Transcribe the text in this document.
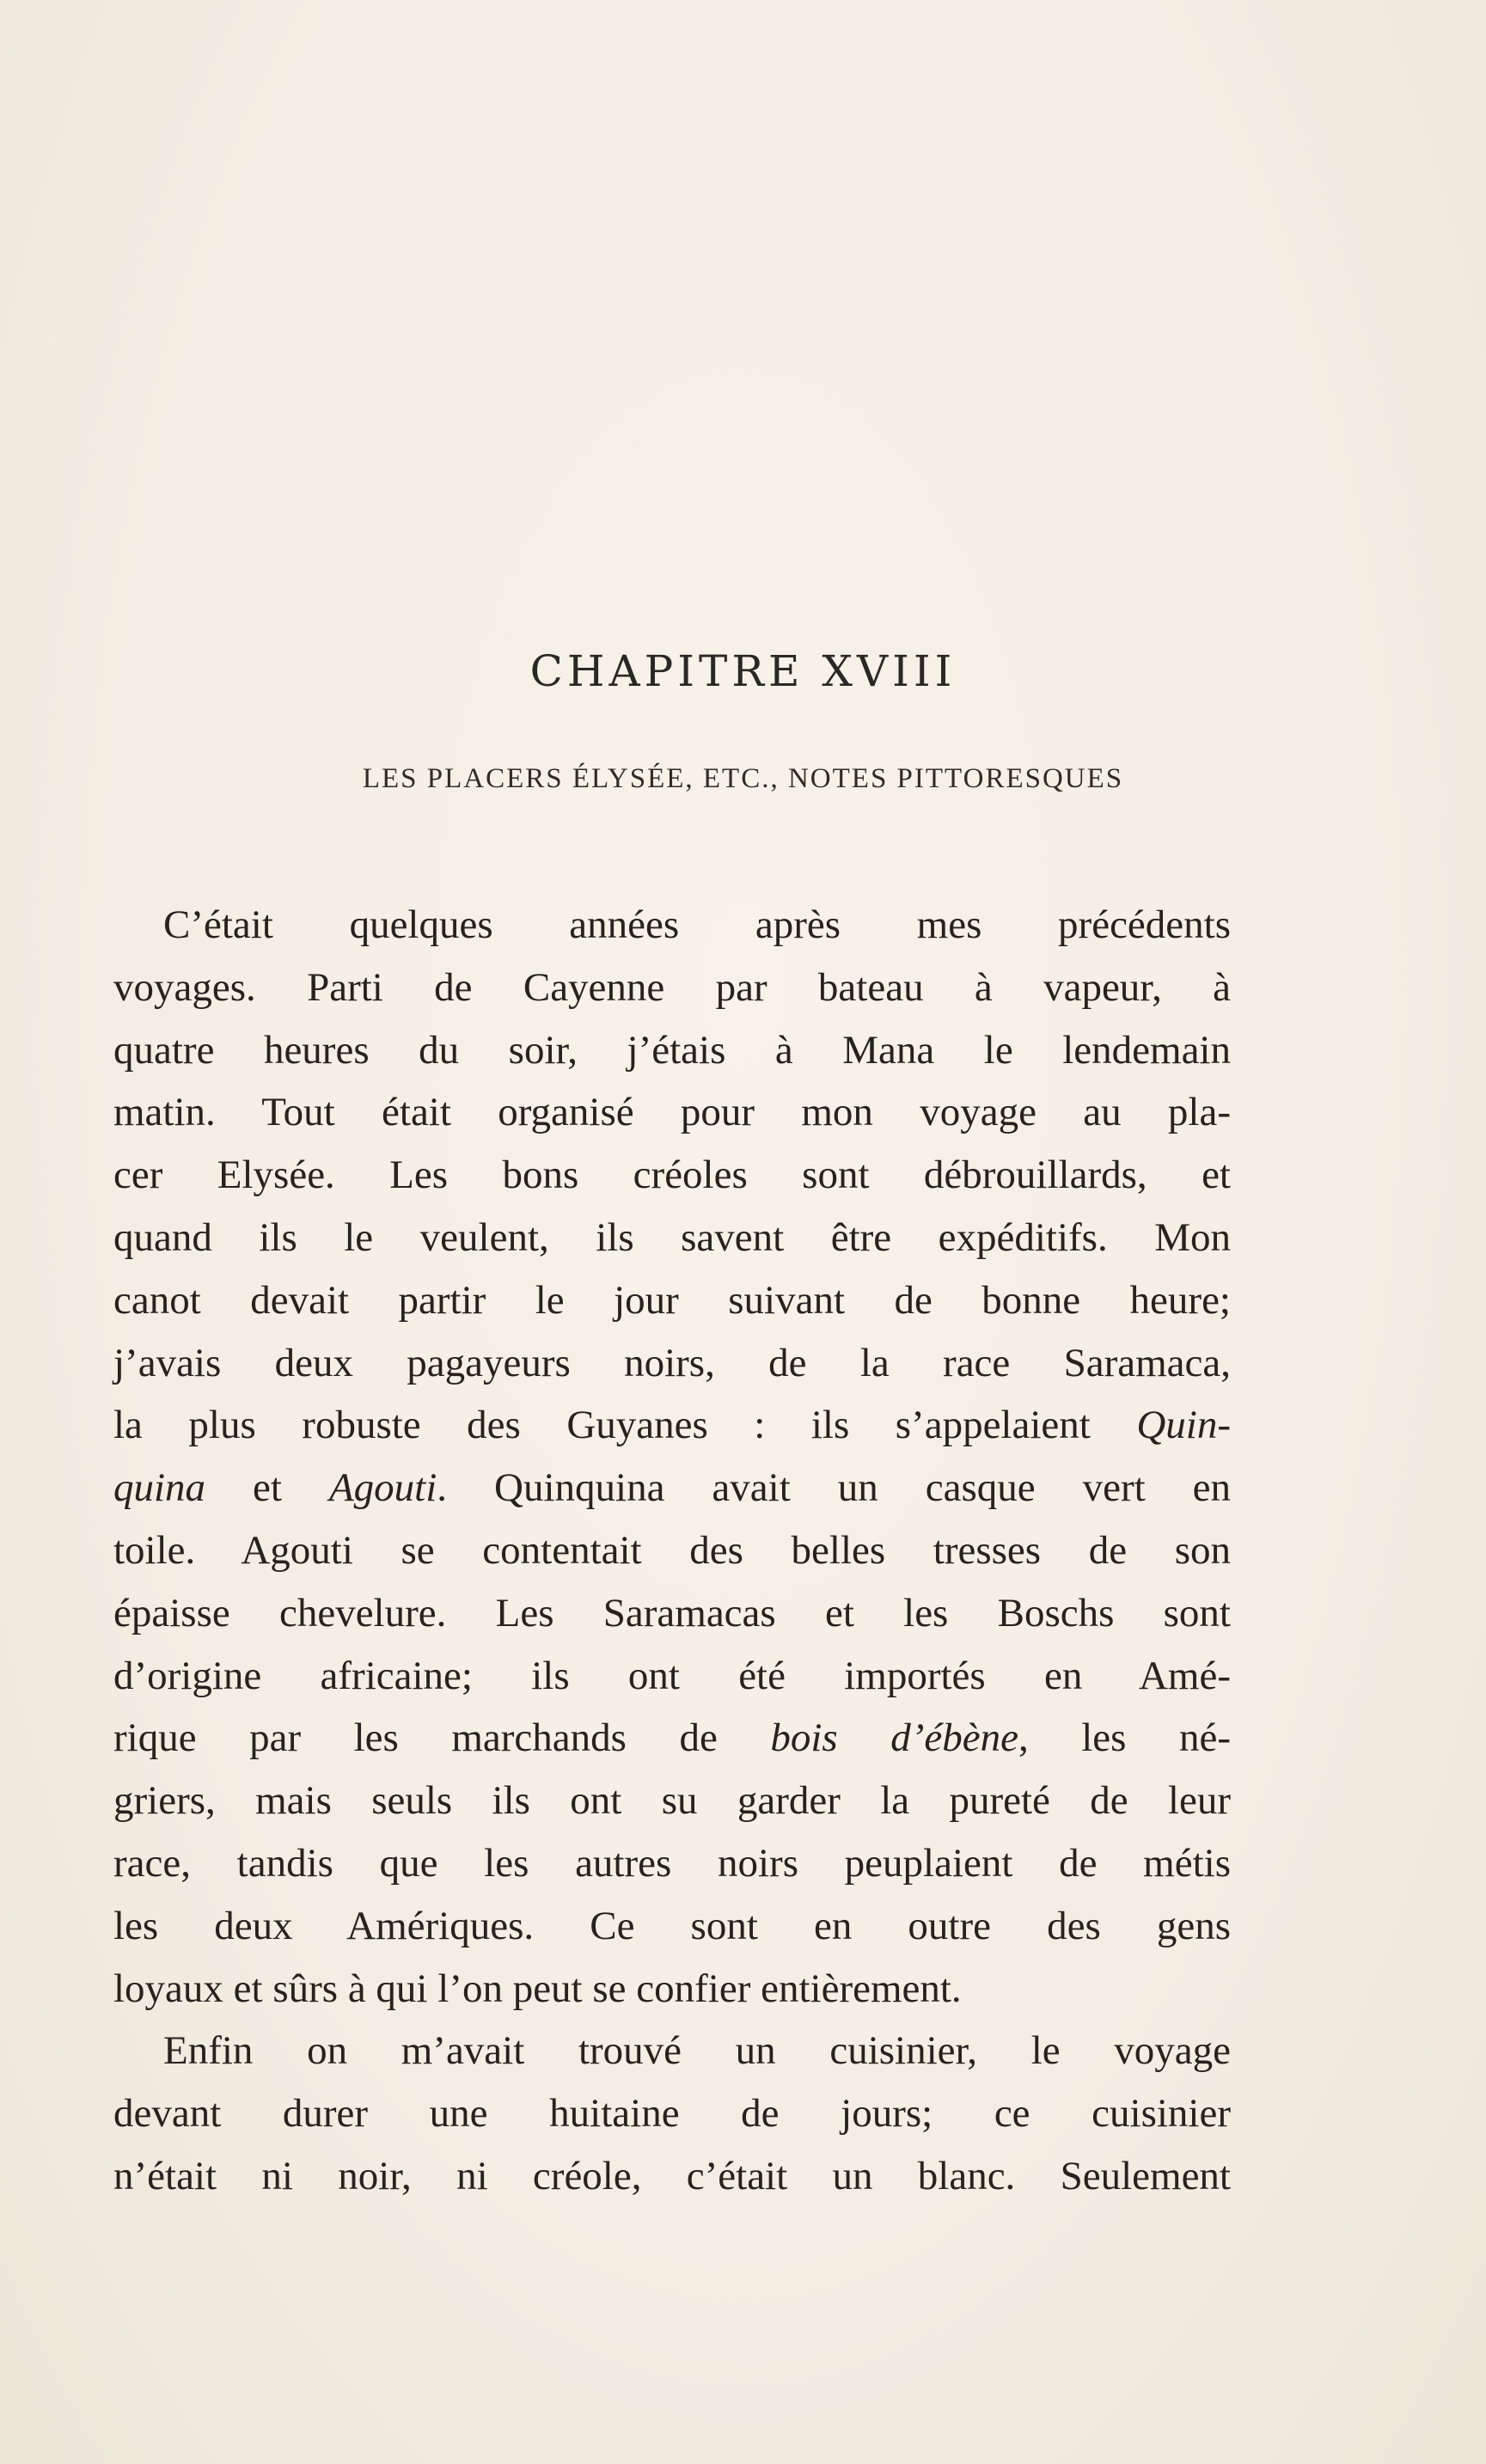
CHAPITRE XVIII
LES PLACERS ÉLYSÉE, ETC., NOTES PITTORESQUES
C’était quelques années après mes précédents
voyages. Parti de Cayenne par bateau à vapeur, à
quatre heures du soir, j’étais à Mana le lendemain
matin. Tout était organisé pour mon voyage au pla-
cer Elysée. Les bons créoles sont débrouillards, et
quand ils le veulent, ils savent être expéditifs. Mon
canot devait partir le jour suivant de bonne heure;
j’avais deux pagayeurs noirs, de la race Saramaca,
la plus robuste des Guyanes : ils s’appelaient Quin-
quina et Agouti. Quinquina avait un casque vert en
toile. Agouti se contentait des belles tresses de son
épaisse chevelure. Les Saramacas et les Boschs sont
d’origine africaine; ils ont été importés en Amé-
rique par les marchands de bois d’ébène, les né-
griers, mais seuls ils ont su garder la pureté de leur
race, tandis que les autres noirs peuplaient de métis
les deux Amériques. Ce sont en outre des gens
loyaux et sûrs à qui l’on peut se confier entièrement.
Enfin on m’avait trouvé un cuisinier, le voyage
devant durer une huitaine de jours; ce cuisinier
n’était ni noir, ni créole, c’était un blanc. Seulement
